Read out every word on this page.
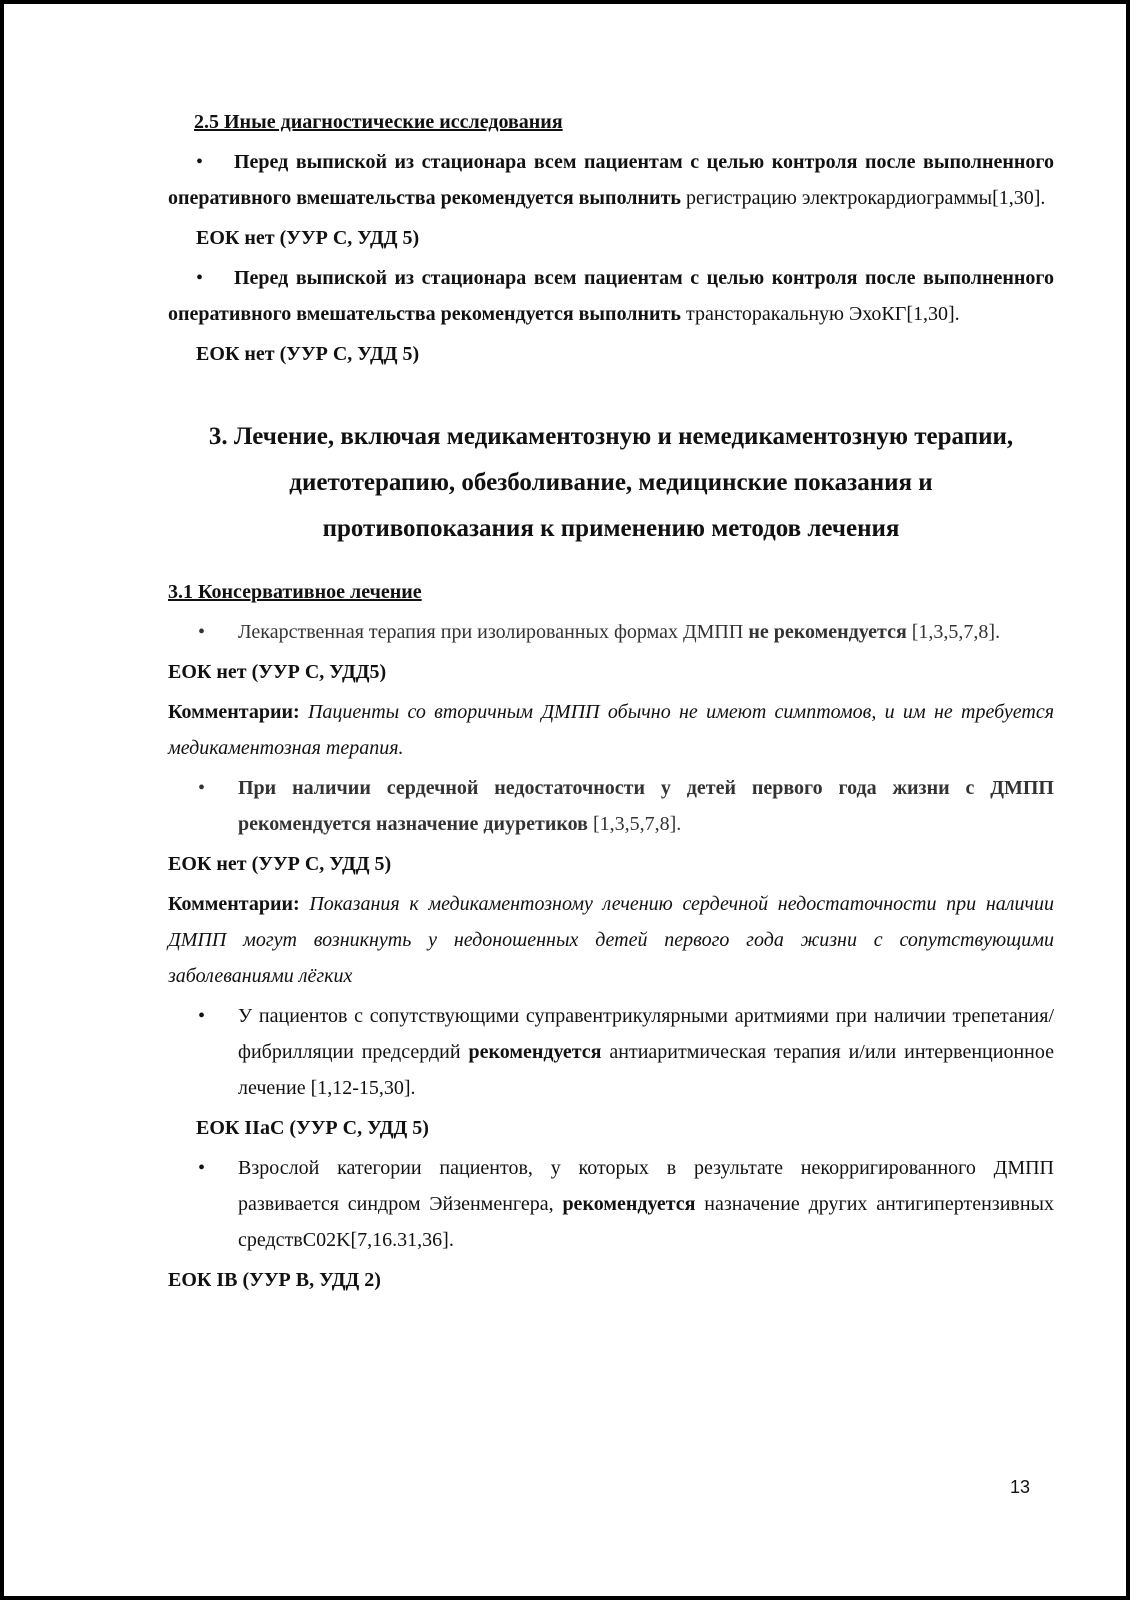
2.5 Иные диагностические исследования

• Перед выпиской из стационара всем пациентам с целью контроля после выполненного оперативного вмешательства рекомендуется выполнить регистрацию электрокардиограммы[1,30].

ЕОК нет (УУР С, УДД 5)

• Перед выпиской из стационара всем пациентам с целью контроля после выполненного оперативного вмешательства рекомендуется выполнить трансторакальную ЭхоКГ[1,30].

ЕОК нет (УУР С, УДД 5)

3. Лечение, включая медикаментозную и немедикаментозную терапии,

диетотерапию, обезболивание, медицинские показания и

противопоказания к применению методов лечения

3.1 Консервативное лечение

• Лекарственная терапия при изолированных формах ДМПП не рекомендуется [1,3,5,7,8].

ЕОК нет (УУР С, УДД5)

Комментарии: Пациенты со вторичным ДМПП обычно не имеют симптомов, и им не требуется медикаментозная терапия.

• При наличии сердечной недостаточности у детей первого года жизни с ДМПП рекомендуется назначение диуретиков [1,3,5,7,8].

ЕОК нет (УУР С, УДД 5)

Комментарии: Показания к медикаментозному лечению сердечной недостаточности при наличии ДМПП могут возникнуть у недоношенных детей первого года жизни с сопутствующими заболеваниями лёгких

• У пациентов с сопутствующими суправентрикулярными аритмиями при наличии трепетания/фибрилляции предсердий рекомендуется антиаритмическая терапия и/или интервенционное лечение [1,12-15,30].

ЕОК IIaC (УУР С, УДД 5)

• Взрослой категории пациентов, у которых в результате некорригированного ДМПП развивается синдром Эйзенменгера, рекомендуется назначение других антигипертензивных средствC02K[7,16.31,36].

ЕОК IB (УУР В, УДД 2)

13
